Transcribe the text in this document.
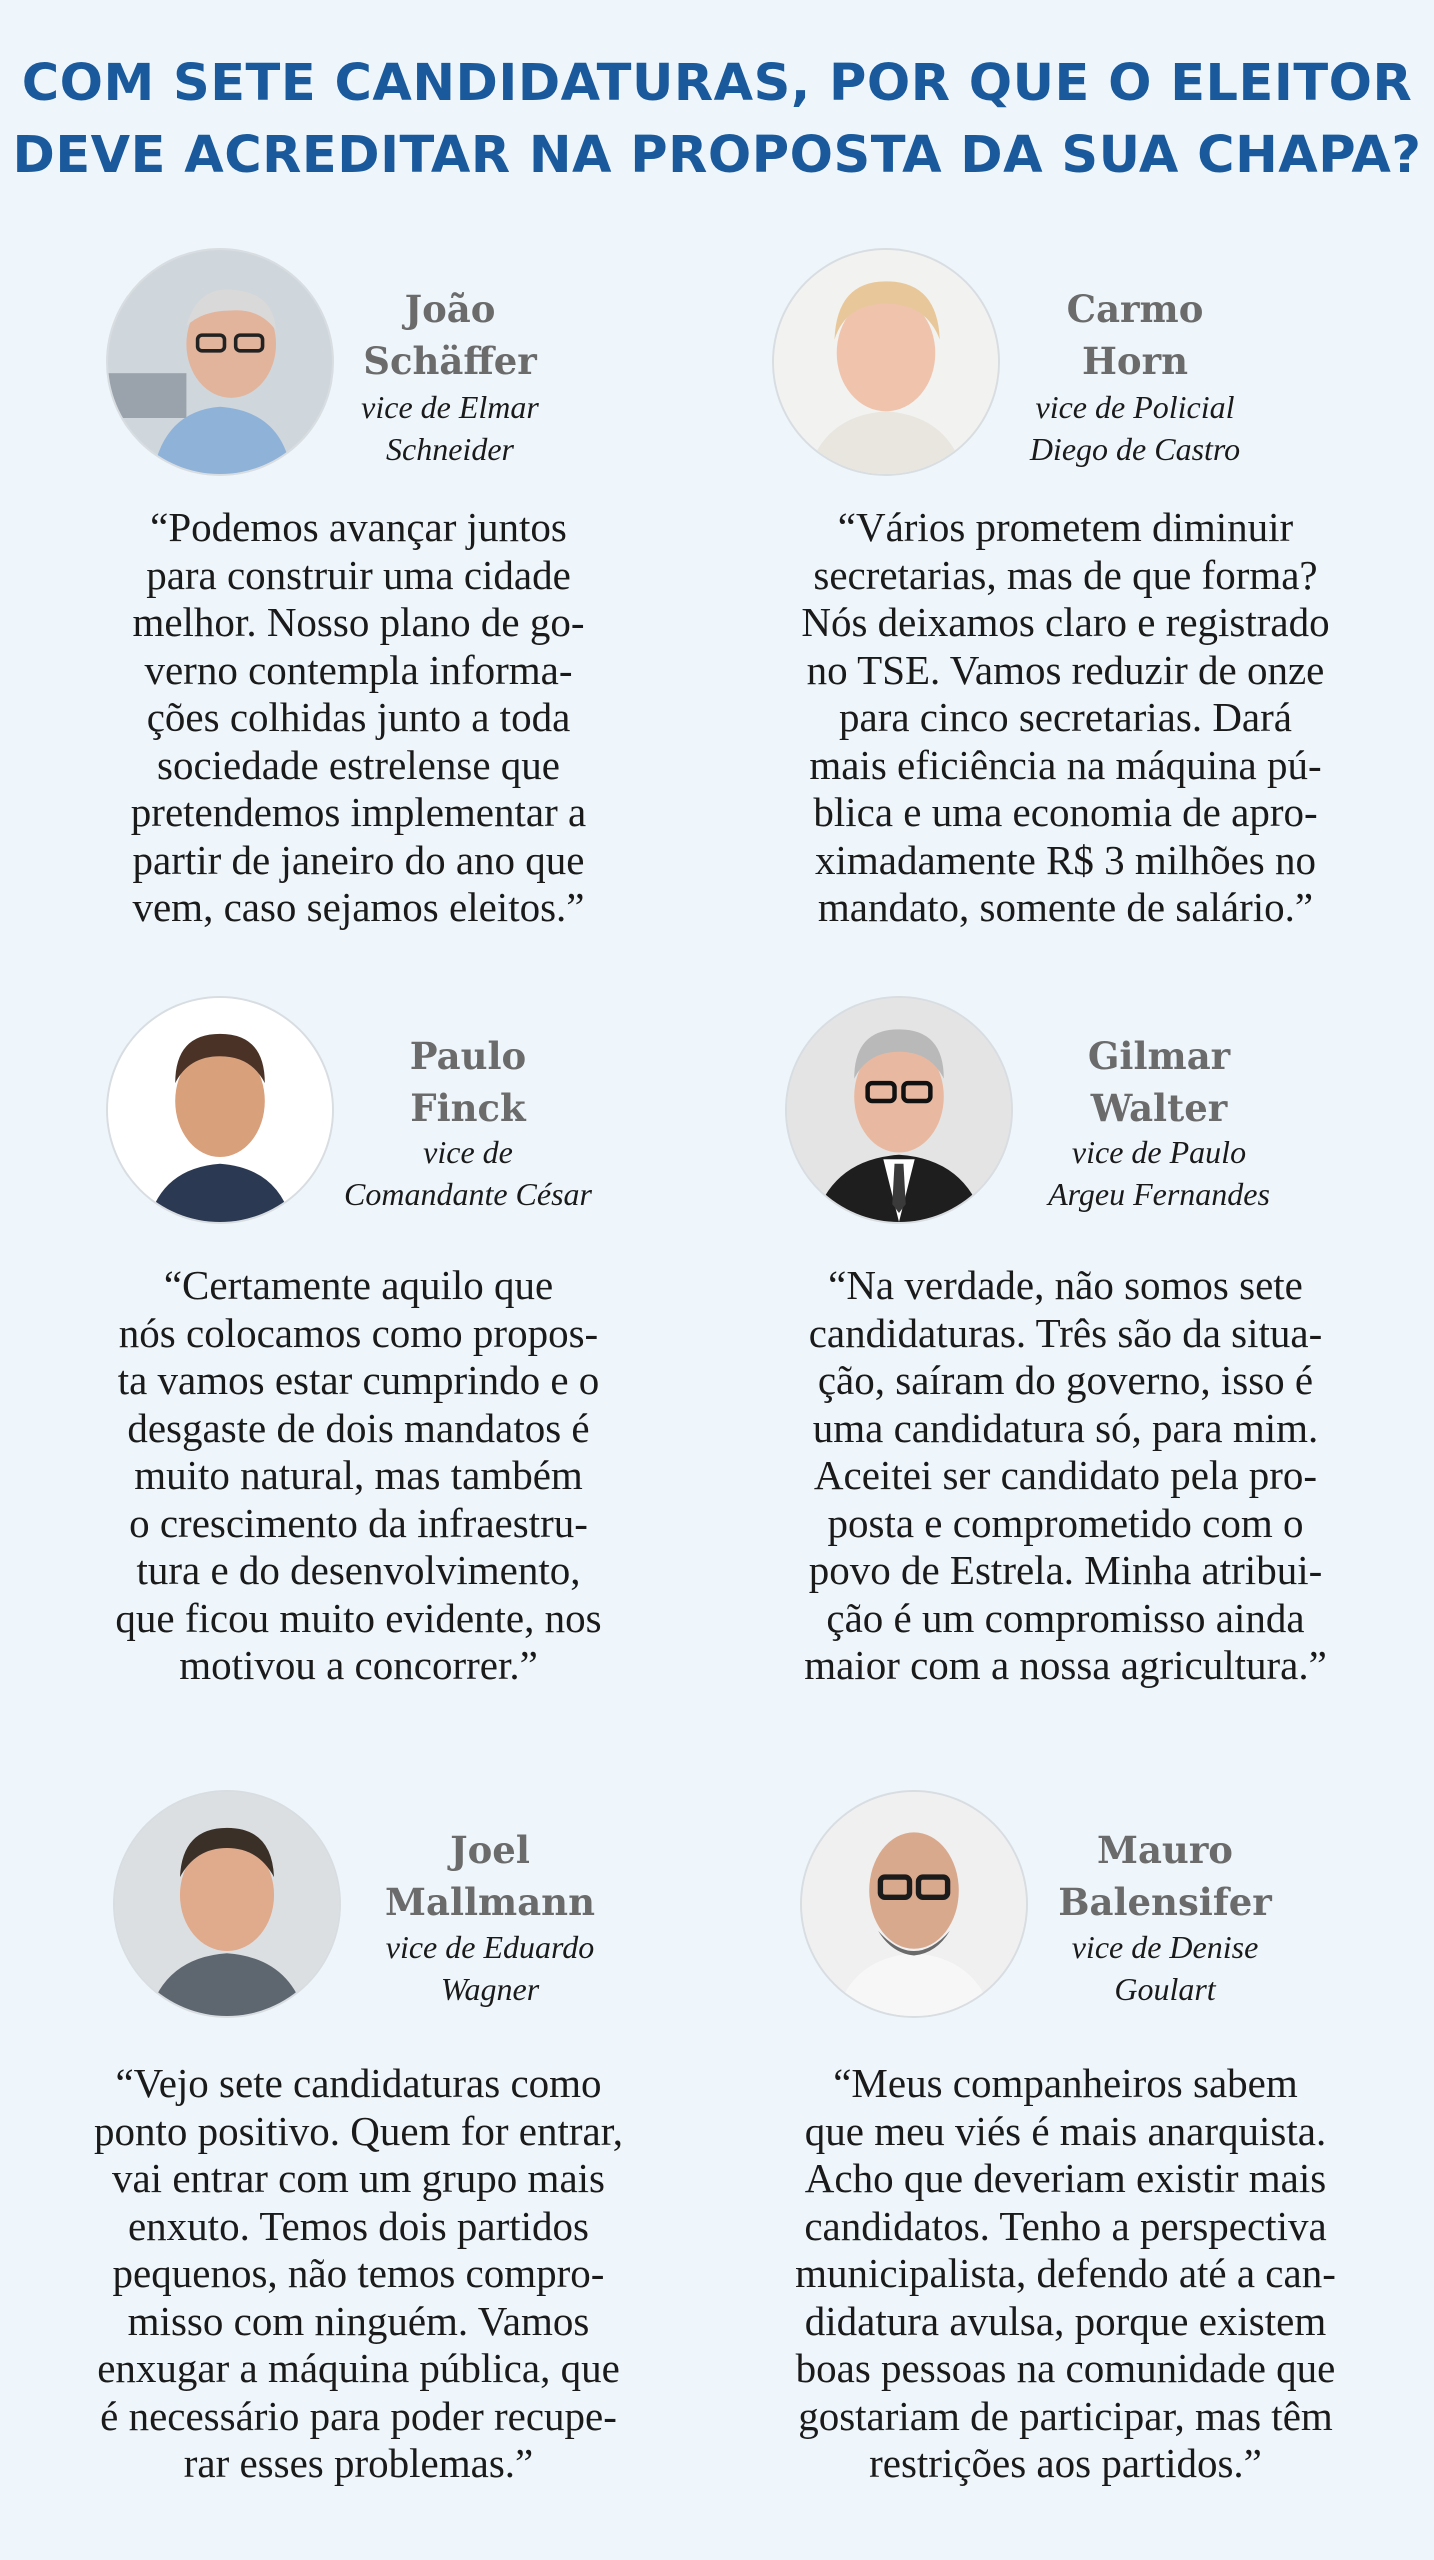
COM SETE CANDIDATURAS, POR QUE O ELEITOR
DEVE ACREDITAR NA PROPOSTA DA SUA CHAPA?
João
Schäffer
vice de Elmar
Schneider
“Podemos avançar juntos
para construir uma cidade
melhor. Nosso plano de go-
verno contempla informa-
ções colhidas junto a toda
sociedade estrelense que
pretendemos implementar a
partir de janeiro do ano que
vem, caso sejamos eleitos.”
Carmo
Horn
vice de Policial
Diego de Castro
“Vários prometem diminuir
secretarias, mas de que forma?
Nós deixamos claro e registrado
no TSE. Vamos reduzir de onze
para cinco secretarias. Dará
mais eficiência na máquina pú-
blica e uma economia de apro-
ximadamente R$ 3 milhões no
mandato, somente de salário.”
Paulo
Finck
vice de
Comandante César
“Certamente aquilo que
nós colocamos como propos-
ta vamos estar cumprindo e o
desgaste de dois mandatos é
muito natural, mas também
o crescimento da infraestru-
tura e do desenvolvimento,
que ficou muito evidente, nos
motivou a concorrer.”
Gilmar
Walter
vice de Paulo
Argeu Fernandes
“Na verdade, não somos sete
candidaturas. Três são da situa-
ção, saíram do governo, isso é
uma candidatura só, para mim.
Aceitei ser candidato pela pro-
posta e comprometido com o
povo de Estrela. Minha atribui-
ção é um compromisso ainda
maior com a nossa agricultura.”
Joel
Mallmann
vice de Eduardo
Wagner
“Vejo sete candidaturas como
ponto positivo. Quem for entrar,
vai entrar com um grupo mais
enxuto. Temos dois partidos
pequenos, não temos compro-
misso com ninguém. Vamos
enxugar a máquina pública, que
é necessário para poder recupe-
rar esses problemas.”
Mauro
Balensifer
vice de Denise
Goulart
“Meus companheiros sabem
que meu viés é mais anarquista.
Acho que deveriam existir mais
candidatos. Tenho a perspectiva
municipalista, defendo até a can-
didatura avulsa, porque existem
boas pessoas na comunidade que
gostariam de participar, mas têm
restrições aos partidos.”
